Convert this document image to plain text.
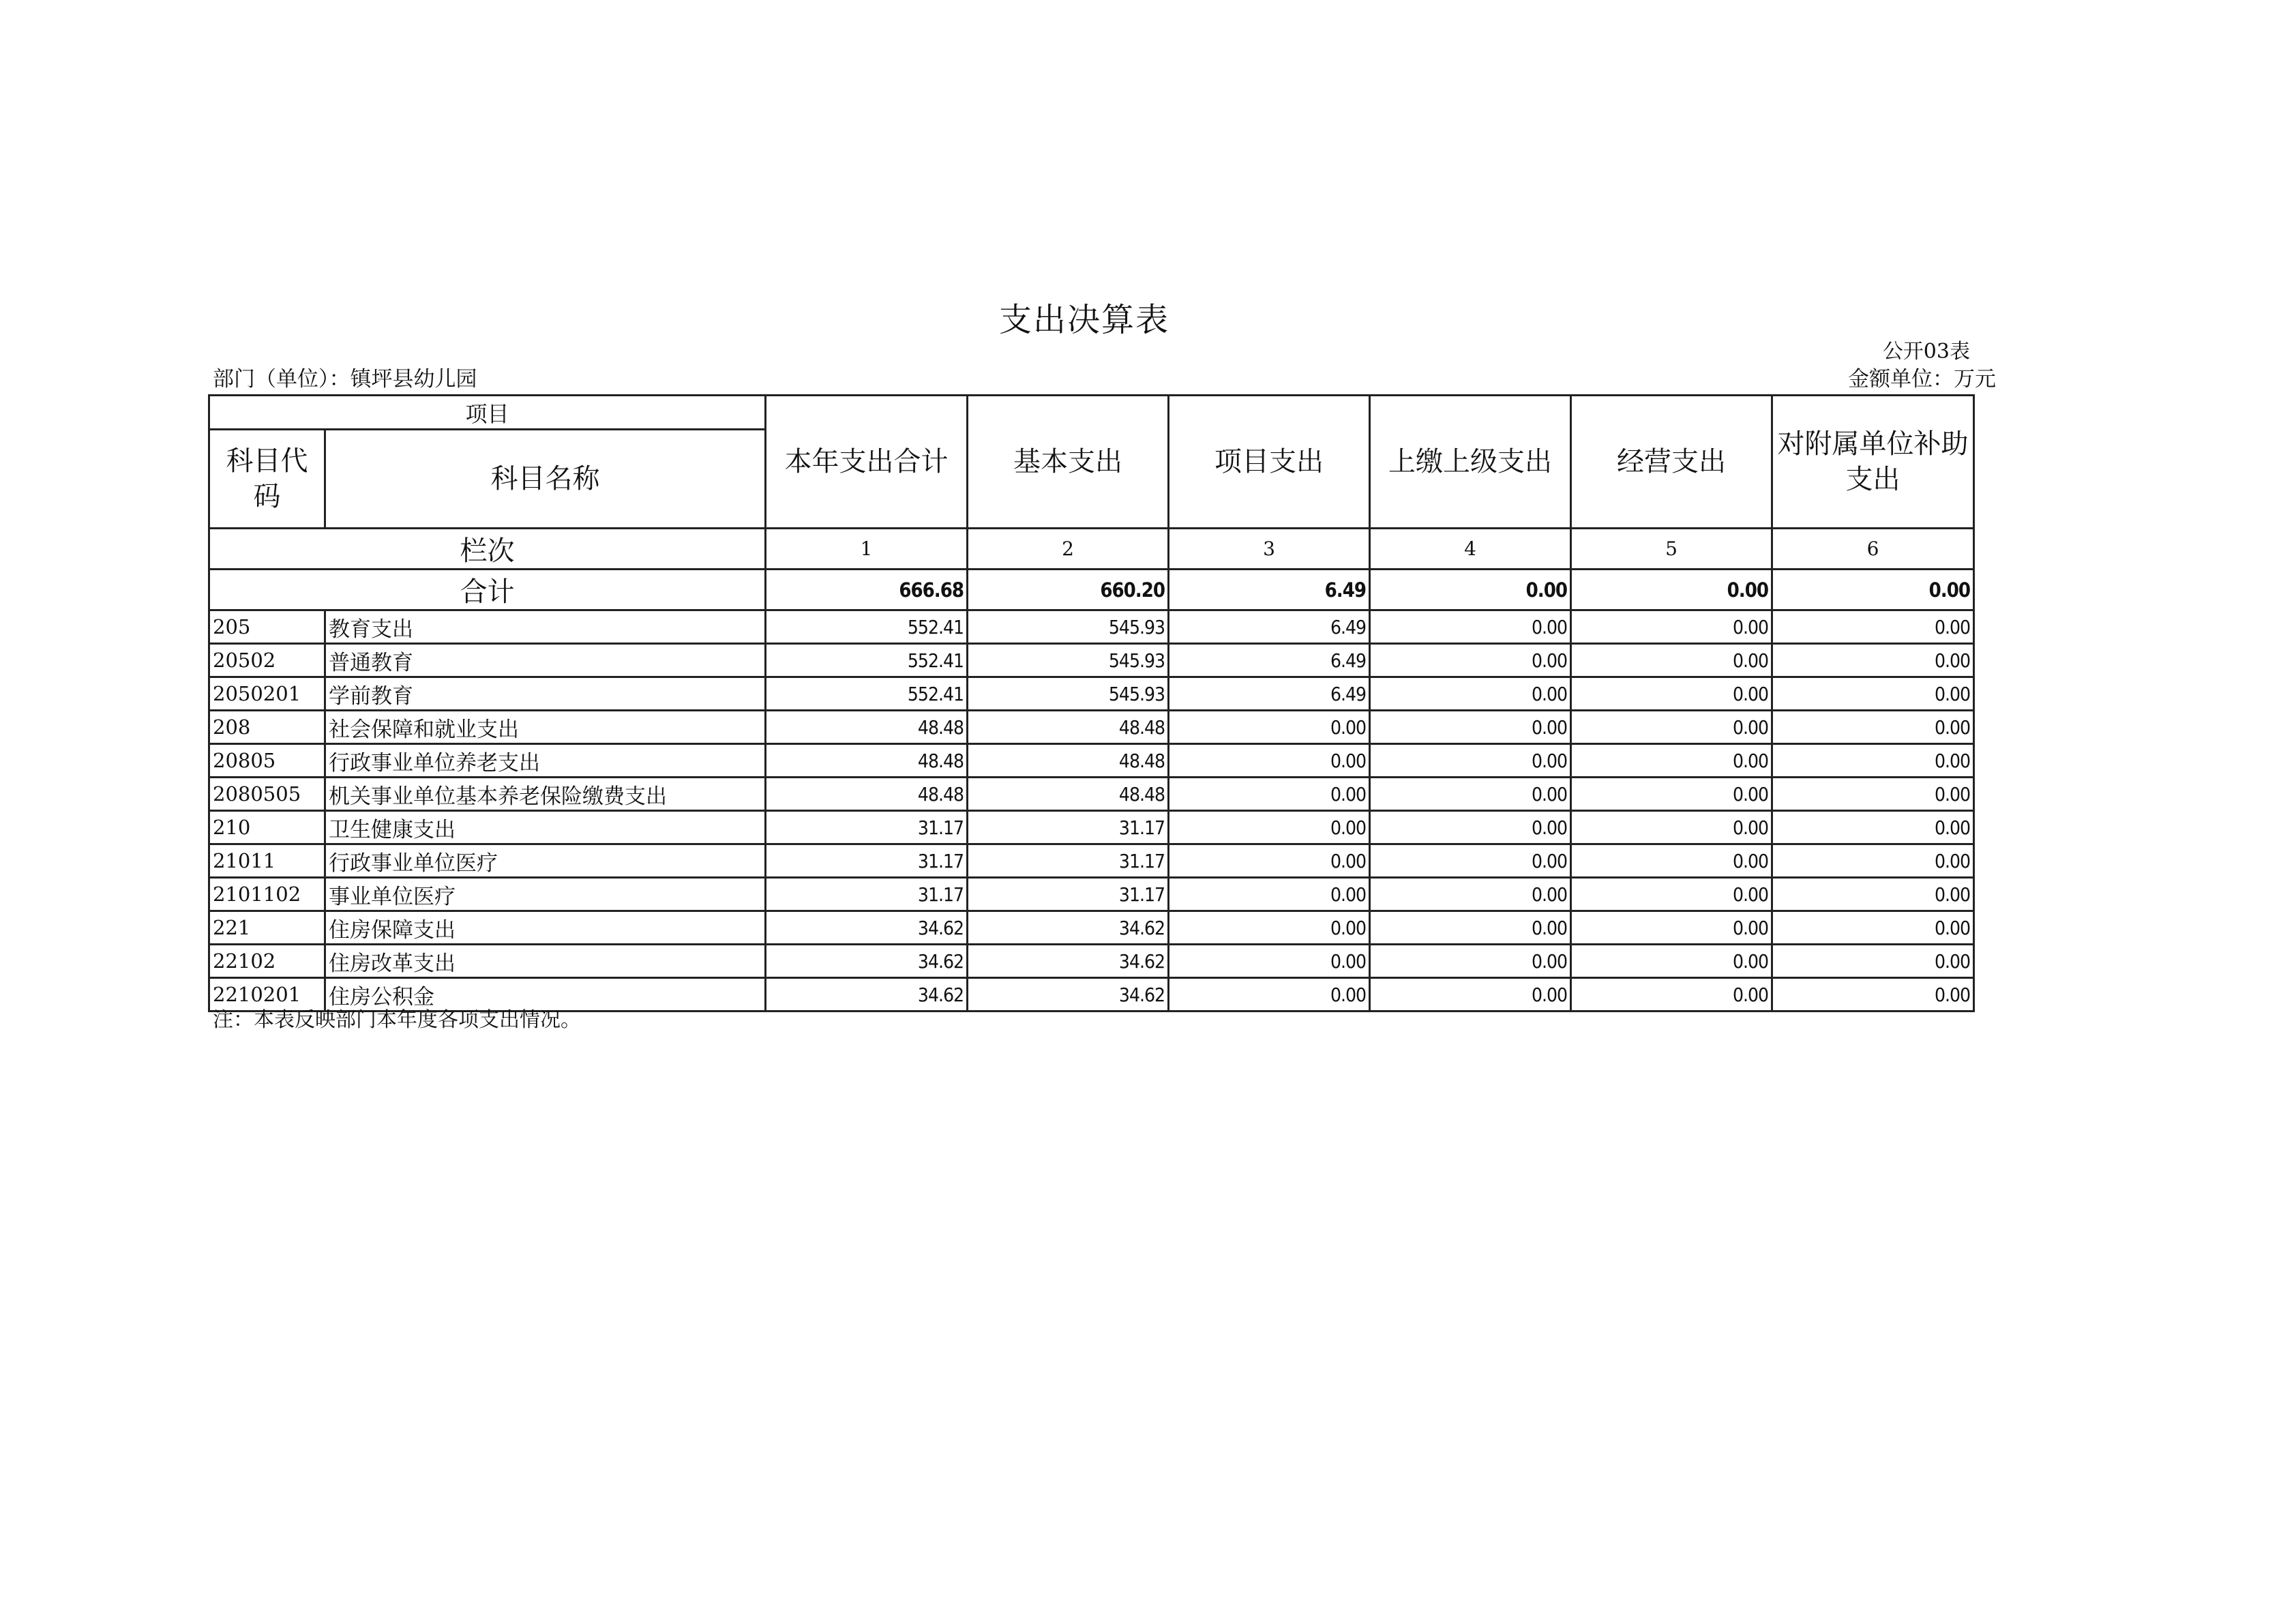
支出决算表
公开03表
部门（单位）：镇坪县幼儿园	金额单位：万元
项目		本年支出合计	基本支出	项目支出	上缴上级支出	经营支出	对附属单位补助支出
科目代码	科目名称						
栏次		1	2	3	4	5	6
合计		666.68	660.20	6.49	0.00	0.00	0.00
205	教育支出	552.41	545.93	6.49	0.00	0.00	0.00
20502	普通教育	552.41	545.93	6.49	0.00	0.00	0.00
2050201	学前教育	552.41	545.93	6.49	0.00	0.00	0.00
208	社会保障和就业支出	48.48	48.48	0.00	0.00	0.00	0.00
20805	行政事业单位养老支出	48.48	48.48	0.00	0.00	0.00	0.00
2080505	机关事业单位基本养老保险缴费支出	48.48	48.48	0.00	0.00	0.00	0.00
210	卫生健康支出	31.17	31.17	0.00	0.00	0.00	0.00
21011	行政事业单位医疗	31.17	31.17	0.00	0.00	0.00	0.00
2101102	事业单位医疗	31.17	31.17	0.00	0.00	0.00	0.00
221	住房保障支出	34.62	34.62	0.00	0.00	0.00	0.00
22102	住房改革支出	34.62	34.62	0.00	0.00	0.00	0.00
2210201	住房公积金	34.62	34.62	0.00	0.00	0.00	0.00
注：本表反映部门本年度各项支出情况。
